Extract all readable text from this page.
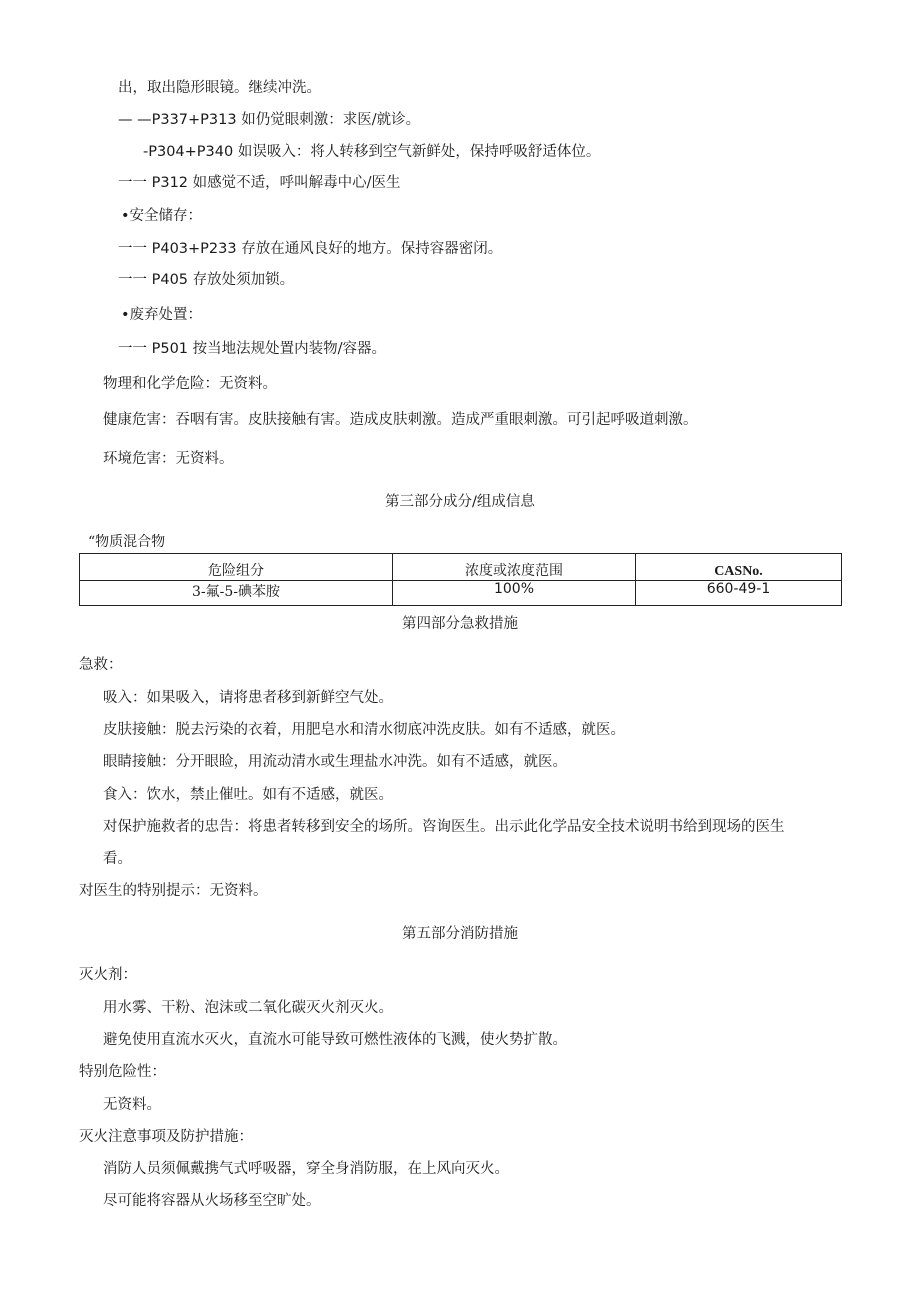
出，取出隐形眼镜。继续冲洗。
— —P337+P313 如仍觉眼刺激：求医/就诊。
-P304+P340 如误吸入：将人转移到空气新鲜处，保持呼吸舒适体位。
一一 P312 如感觉不适，呼叫解毒中心/医生
•安全储存：
一一 P403+P233 存放在通风良好的地方。保持容器密闭。
一一 P405 存放处须加锁。
•废弃处置：
一一 P501 按当地法规处置内装物/容器。
物理和化学危险：无资料。
健康危害：吞咽有害。皮肤接触有害。造成皮肤刺激。造成严重眼刺激。可引起呼吸道刺激。
环境危害：无资料。
第三部分成分/组成信息
“物质混合物
危险组分	浓度或浓度范围	CASNo.
3-氟-5-碘苯胺	100%	660-49-1
第四部分急救措施
急救：
吸入：如果吸入，请将患者移到新鲜空气处。
皮肤接触：脱去污染的衣着，用肥皂水和清水彻底冲洗皮肤。如有不适感，就医。
眼睛接触：分开眼睑，用流动清水或生理盐水冲洗。如有不适感，就医。
食入：饮水，禁止催吐。如有不适感，就医。
对保护施救者的忠告：将患者转移到安全的场所。咨询医生。出示此化学品安全技术说明书给到现场的医生
看。
对医生的特别提示：无资料。
第五部分消防措施
灭火剂：
用水雾、干粉、泡沫或二氧化碳灭火剂灭火。
避免使用直流水灭火，直流水可能导致可燃性液体的飞溅，使火势扩散。
特别危险性：
无资料。
灭火注意事项及防护措施：
消防人员须佩戴携气式呼吸器，穿全身消防服，在上风向灭火。
尽可能将容器从火场移至空旷处。
